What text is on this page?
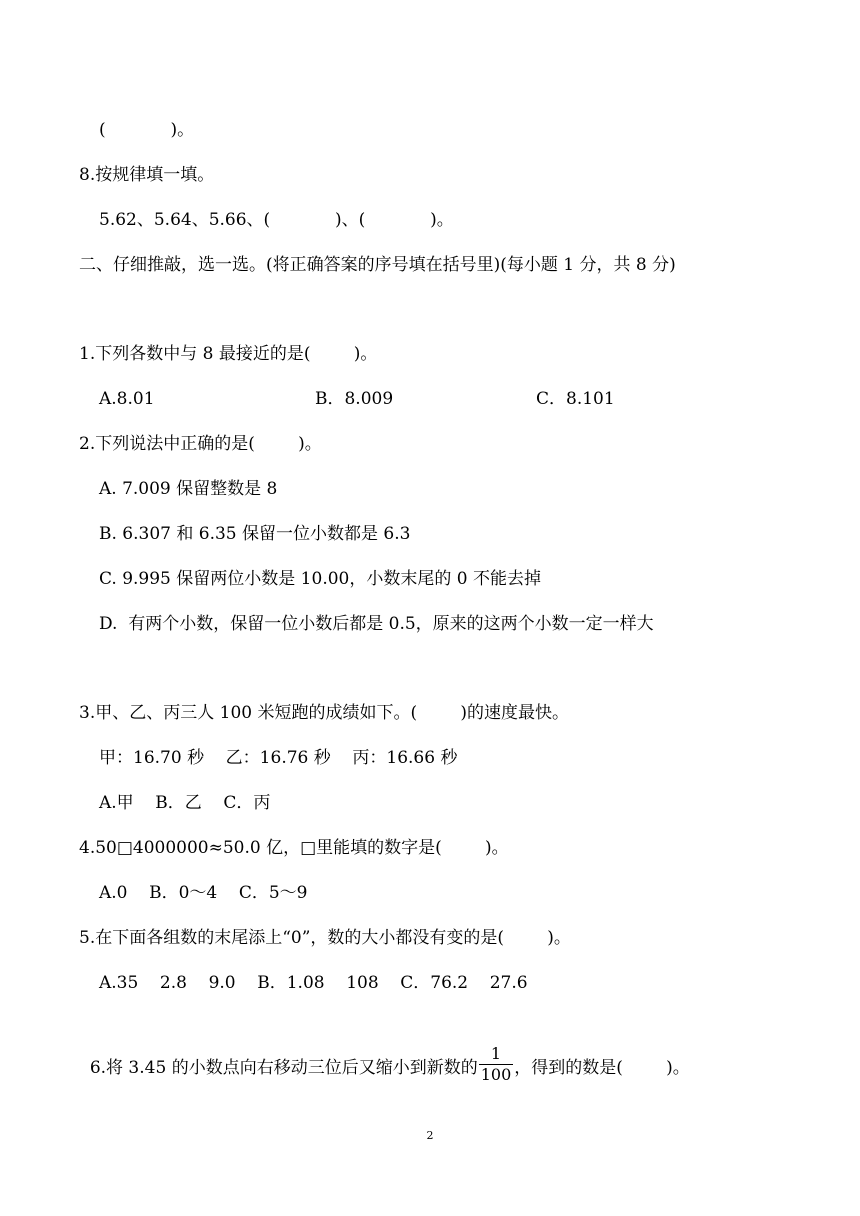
(            )。
8.按规律填一填。
5.62、5.64、5.66、(            )、(            )。
二、仔细推敲，选一选。(将正确答案的序号填在括号里)(每小题 1 分，共 8 分)
1.下列各数中与 8 最接近的是(        )。
A.8.01	B．8.009	C．8.101
2.下列说法中正确的是(        )。
A. 7.009 保留整数是 8
B. 6.307 和 6.35 保留一位小数都是 6.3
C. 9.995 保留两位小数是 10.00，小数末尾的 0 不能去掉
D.  有两个小数，保留一位小数后都是 0.5，原来的这两个小数一定一样大
3.甲、乙、丙三人 100 米短跑的成绩如下。(        )的速度最快。
甲：16.70 秒    乙：16.76 秒    丙：16.66 秒
A.甲    B．乙    C．丙
4.50□4000000≈50.0 亿，□里能填的数字是(        )。
A.0    B．0～4    C．5～9
5.在下面各组数的末尾添上“0”，数的大小都没有变的是(        )。
A.35    2.8    9.0    B．1.08    108    C．76.2    27.6

6.将 3.45 的小数点向右移动三位后又缩小到新数的 $\frac{1}{100}$ ，得到的数是(        )。

2
